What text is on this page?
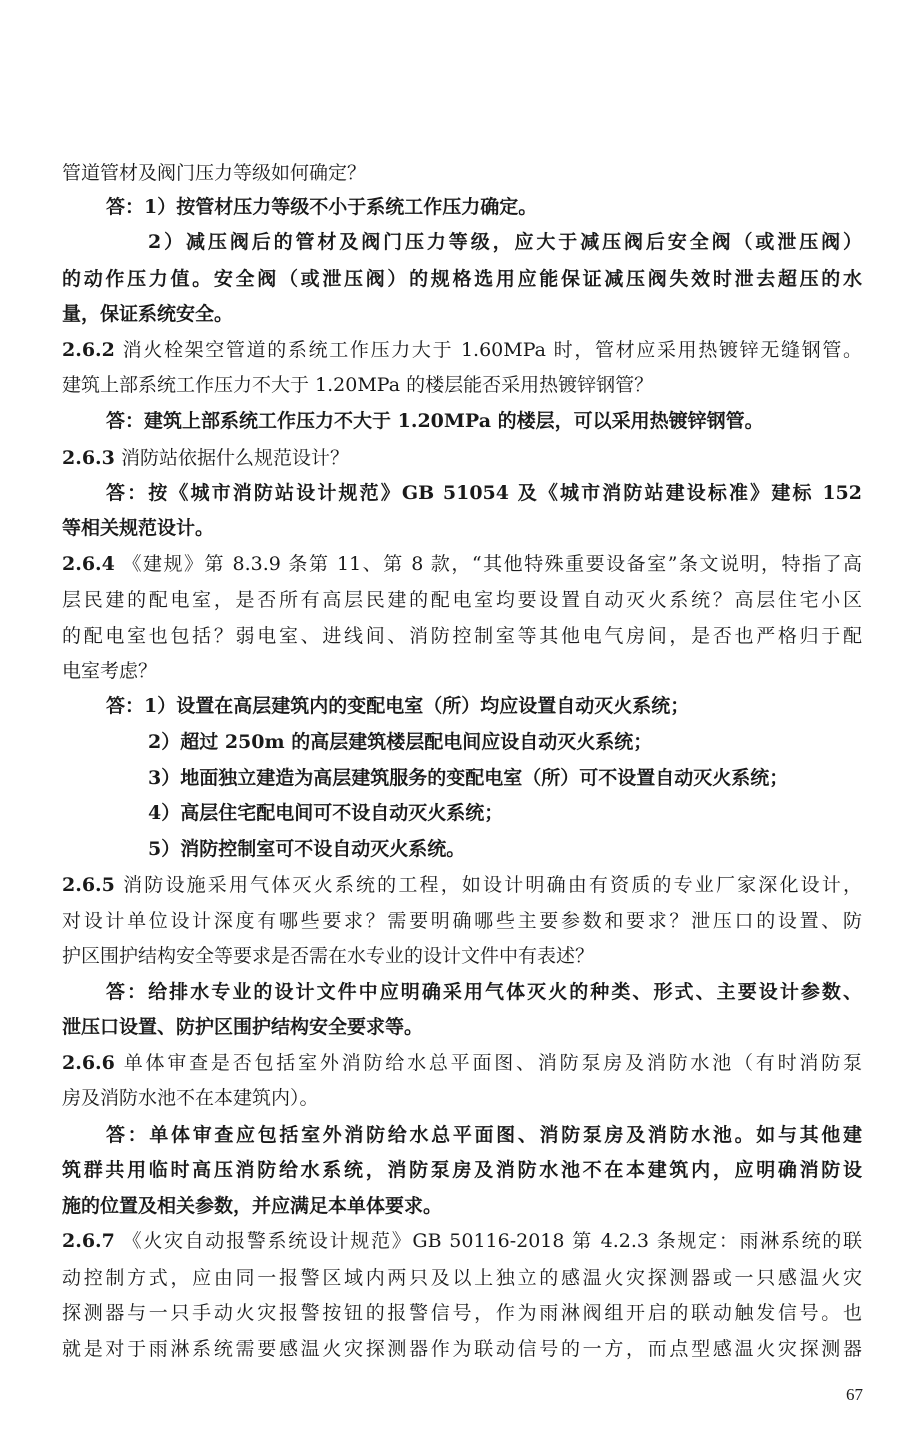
管道管材及阀门压力等级如何确定？
答：1）按管材压力等级不小于系统工作压力确定。
2）减压阀后的管材及阀门压力等级，应大于减压阀后安全阀（或泄压阀）
的动作压力值。安全阀（或泄压阀）的规格选用应能保证减压阀失效时泄去超压的水
量，保证系统安全。
2.6.2 消火栓架空管道的系统工作压力大于 1.60MPa 时，管材应采用热镀锌无缝钢管。
建筑上部系统工作压力不大于 1.20MPa 的楼层能否采用热镀锌钢管？
答：建筑上部系统工作压力不大于 1.20MPa 的楼层，可以采用热镀锌钢管。
2.6.3 消防站依据什么规范设计？
答：按《城市消防站设计规范》GB 51054 及《城市消防站建设标准》建标 152
等相关规范设计。
2.6.4 《建规》第 8.3.9 条第 11、第 8 款，“其他特殊重要设备室”条文说明，特指了高
层民建的配电室，是否所有高层民建的配电室均要设置自动灭火系统？高层住宅小区
的配电室也包括？弱电室、进线间、消防控制室等其他电气房间，是否也严格归于配
电室考虑？
答：1）设置在高层建筑内的变配电室（所）均应设置自动灭火系统；
2）超过 250m 的高层建筑楼层配电间应设自动灭火系统；
3）地面独立建造为高层建筑服务的变配电室（所）可不设置自动灭火系统；
4）高层住宅配电间可不设自动灭火系统；
5）消防控制室可不设自动灭火系统。
2.6.5 消防设施采用气体灭火系统的工程，如设计明确由有资质的专业厂家深化设计，
对设计单位设计深度有哪些要求？需要明确哪些主要参数和要求？泄压口的设置、防
护区围护结构安全等要求是否需在水专业的设计文件中有表述？
答：给排水专业的设计文件中应明确采用气体灭火的种类、形式、主要设计参数、
泄压口设置、防护区围护结构安全要求等。
2.6.6 单体审查是否包括室外消防给水总平面图、消防泵房及消防水池（有时消防泵
房及消防水池不在本建筑内）。
答：单体审查应包括室外消防给水总平面图、消防泵房及消防水池。如与其他建
筑群共用临时高压消防给水系统，消防泵房及消防水池不在本建筑内，应明确消防设
施的位置及相关参数，并应满足本单体要求。
2.6.7 《火灾自动报警系统设计规范》GB 50116-2018 第 4.2.3 条规定：雨淋系统的联
动控制方式，应由同一报警区域内两只及以上独立的感温火灾探测器或一只感温火灾
探测器与一只手动火灾报警按钮的报警信号，作为雨淋阀组开启的联动触发信号。也
就是对于雨淋系统需要感温火灾探测器作为联动信号的一方，而点型感温火灾探测器
67
